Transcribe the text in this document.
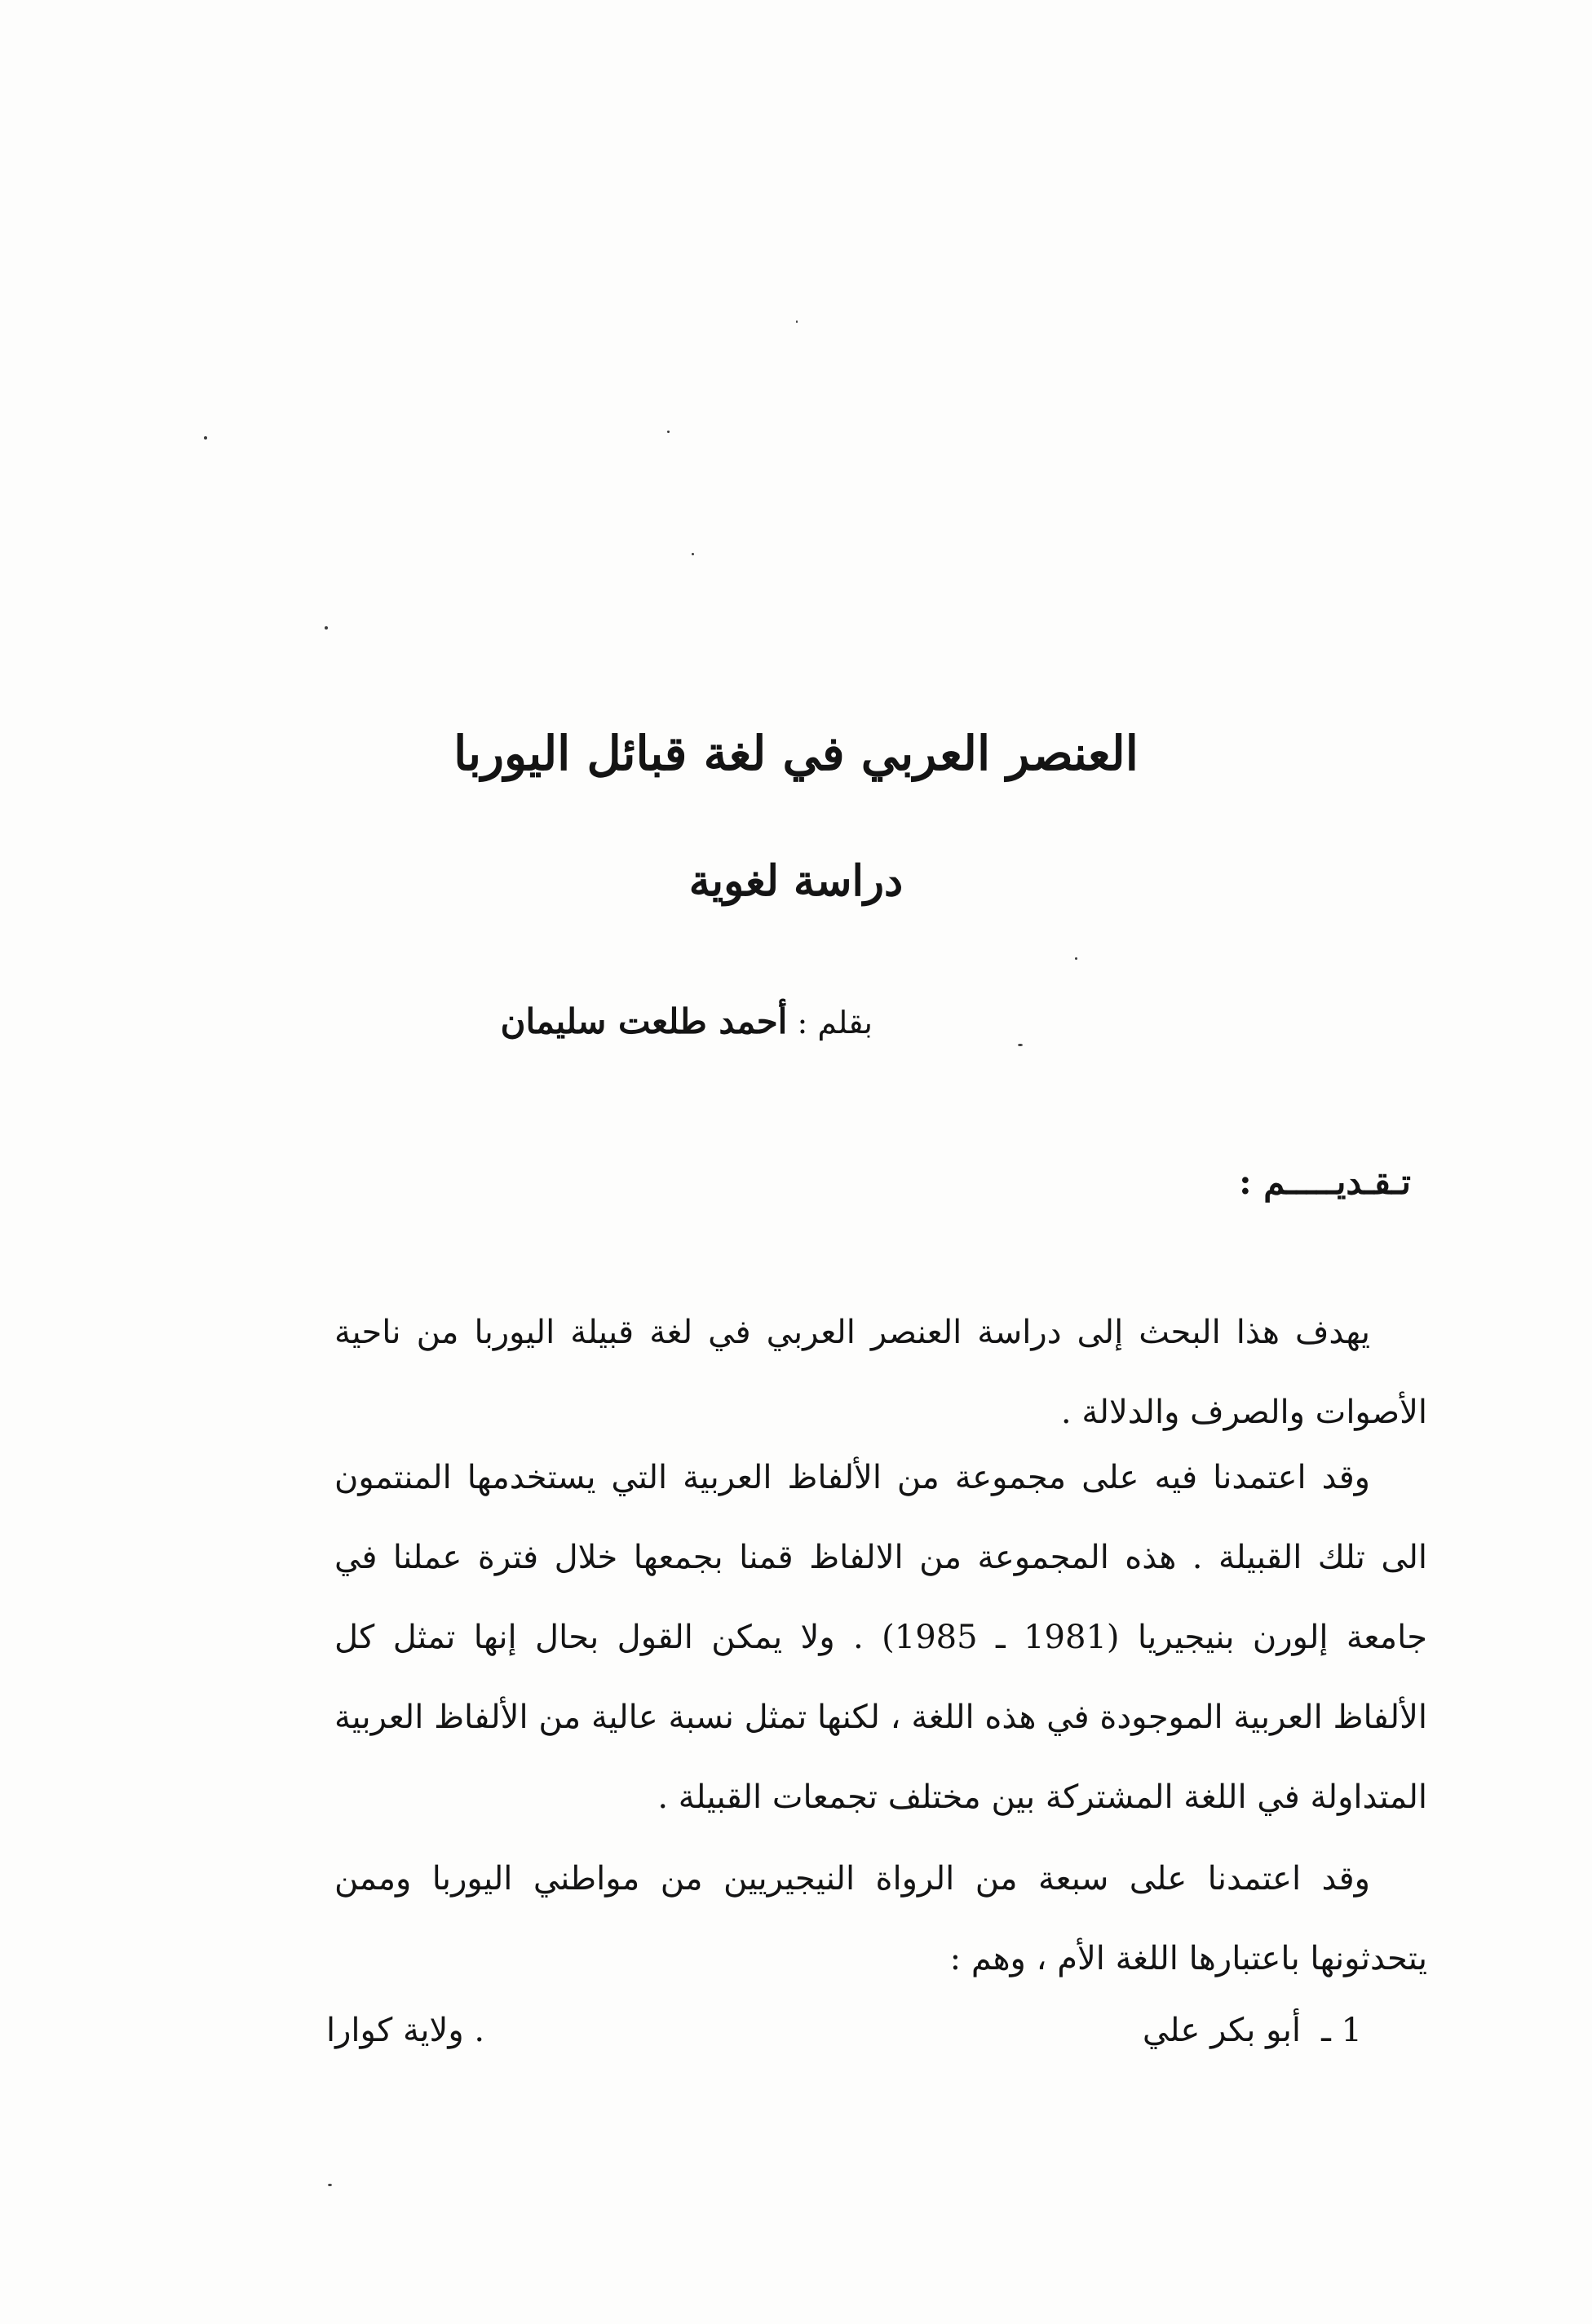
العنصر العربي في لغة قبائل اليوربا
دراسة لغوية
بقلم : أحمد طلعت سليمان
تـقـديـــــم :

يهدف هذا البحث إلى دراسة العنصر العربي في لغة قبيلة اليوربا من ناحية الأصوات والصرف والدلالة .

وقد اعتمدنا فيه على مجموعة من الألفاظ العربية التي يستخدمها المنتمون الى تلك القبيلة . هذه المجموعة من الالفاظ قمنا بجمعها خلال فترة عملنا في جامعة إلورن بنيجيريا (1981 ـ 1985) . ولا يمكن القول بحال إنها تمثل كل الألفاظ العربية الموجودة في هذه اللغة ، لكنها تمثل نسبة عالية من الألفاظ العربية المتداولة في اللغة المشتركة بين مختلف تجمعات القبيلة .

وقد اعتمدنا على سبعة من الرواة النيجيريين من مواطني اليوربا وممن يتحدثونها باعتبارها اللغة الأم ، وهم :

1 ـ
أبو بكر علي
. ولاية كوارا
